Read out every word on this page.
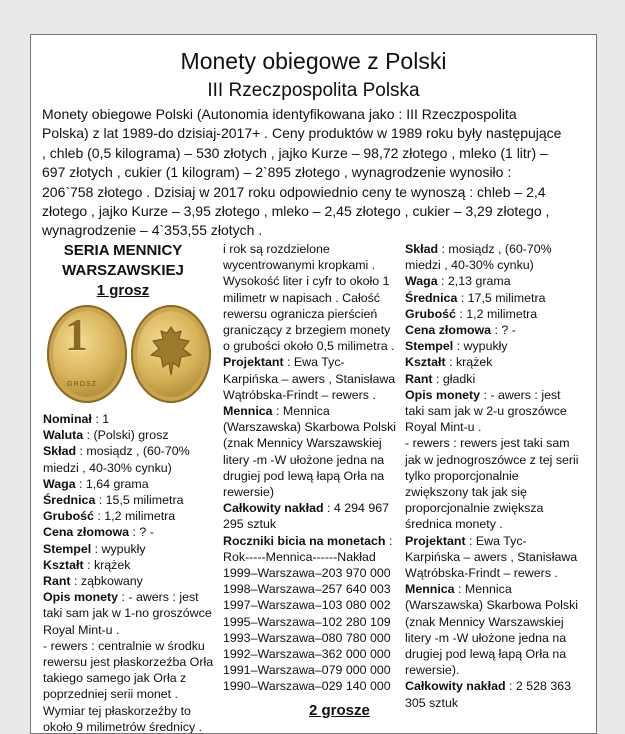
Monety obiegowe z Polski
III Rzeczpospolita Polska
Monety obiegowe Polski (Autonomia identyfikowana jako : III Rzeczpospolita
Polska) z lat 1989-do dzisiaj-2017+ . Ceny produktów w 1989 roku były następujące
, chleb (0,5 kilograma) – 530 złotych , jajko Kurze – 98,72 złotego , mleko (1 litr) –
697 złotych , cukier (1 kilogram) – 2`895 złotego , wynagrodzenie wynosiło :
206`758 złotego . Dzisiaj w 2017 roku odpowiednio ceny te wynoszą : chleb – 2,4
złotego , jajko Kurze – 3,95 złotego , mleko – 2,45 złotego , cukier – 3,29 złotego ,
wynagrodzenie – 4`353,55 złotych .
SERIA MENNICY
WARSZAWSKIEJ
1 grosz
1
GROSZ
Nominał : 1
Waluta : (Polski) grosz
Skład : mosiądz , (60-70%
miedzi , 40-30% cynku)
Waga : 1,64 grama
Średnica : 15,5 milimetra
Grubość : 1,2 milimetra
Cena złomowa : ? -
Stempel : wypukły
Kształt : krążek
Rant : ząbkowany
Opis monety : - awers : jest
taki sam jak w 1-no groszówce
Royal Mint-u .
- rewers : centralnie w środku
rewersu jest płaskorzeźba Orła
takiego samego jak Orła z
poprzedniej serii monet .
Wymiar tej płaskorzeźby to
około 9 milimetrów średnicy .
i rok są rozdzielone
wycentrowanymi kropkami .
Wysokość liter i cyfr to około 1
milimetr w napisach . Całość
rewersu ogranicza pierścień
graniczący z brzegiem monety
o grubości około 0,5 milimetra .
Projektant : Ewa Tyc-
Karpińska – awers , Stanisława
Wątróbska-Frindt – rewers .
Mennica : Mennica
(Warszawska) Skarbowa Polski
(znak Mennicy Warszawskiej
litery -m -W ułożone jedna na
drugiej pod lewą łapą Orła na
rewersie)
Całkowity nakład : 4 294 967
295 sztuk
Roczniki bicia na monetach :
Rok-----Mennica------Nakład
1999–Warszawa–203 970 000
1998–Warszawa–257 640 003
1997–Warszawa–103 080 002
1995–Warszawa–102 280 109
1993–Warszawa–080 780 000
1992–Warszawa–362 000 000
1991–Warszawa–079 000 000
1990–Warszawa–029 140 000
Skład : mosiądz , (60-70%
miedzi , 40-30% cynku)
Waga : 2,13 grama
Średnica : 17,5 milimetra
Grubość : 1,2 milimetra
Cena złomowa : ? -
Stempel : wypukły
Kształt : krążek
Rant : gładki
Opis monety : - awers : jest
taki sam jak w 2-u groszówce
Royal Mint-u .
- rewers : rewers jest taki sam
jak w jednogroszówce z tej serii
tylko proporcjonalnie
zwiększony tak jak się
proporcjonalnie zwiększa
średnica monety .
Projektant : Ewa Tyc-
Karpińska – awers , Stanisława
Wątróbska-Frindt – rewers .
Mennica : Mennica
(Warszawska) Skarbowa Polski
(znak Mennicy Warszawskiej
litery -m -W ułożone jedna na
drugiej pod lewą łapą Orła na
rewersie).
Całkowity nakład : 2 528 363
305 sztuk
2 grosze
